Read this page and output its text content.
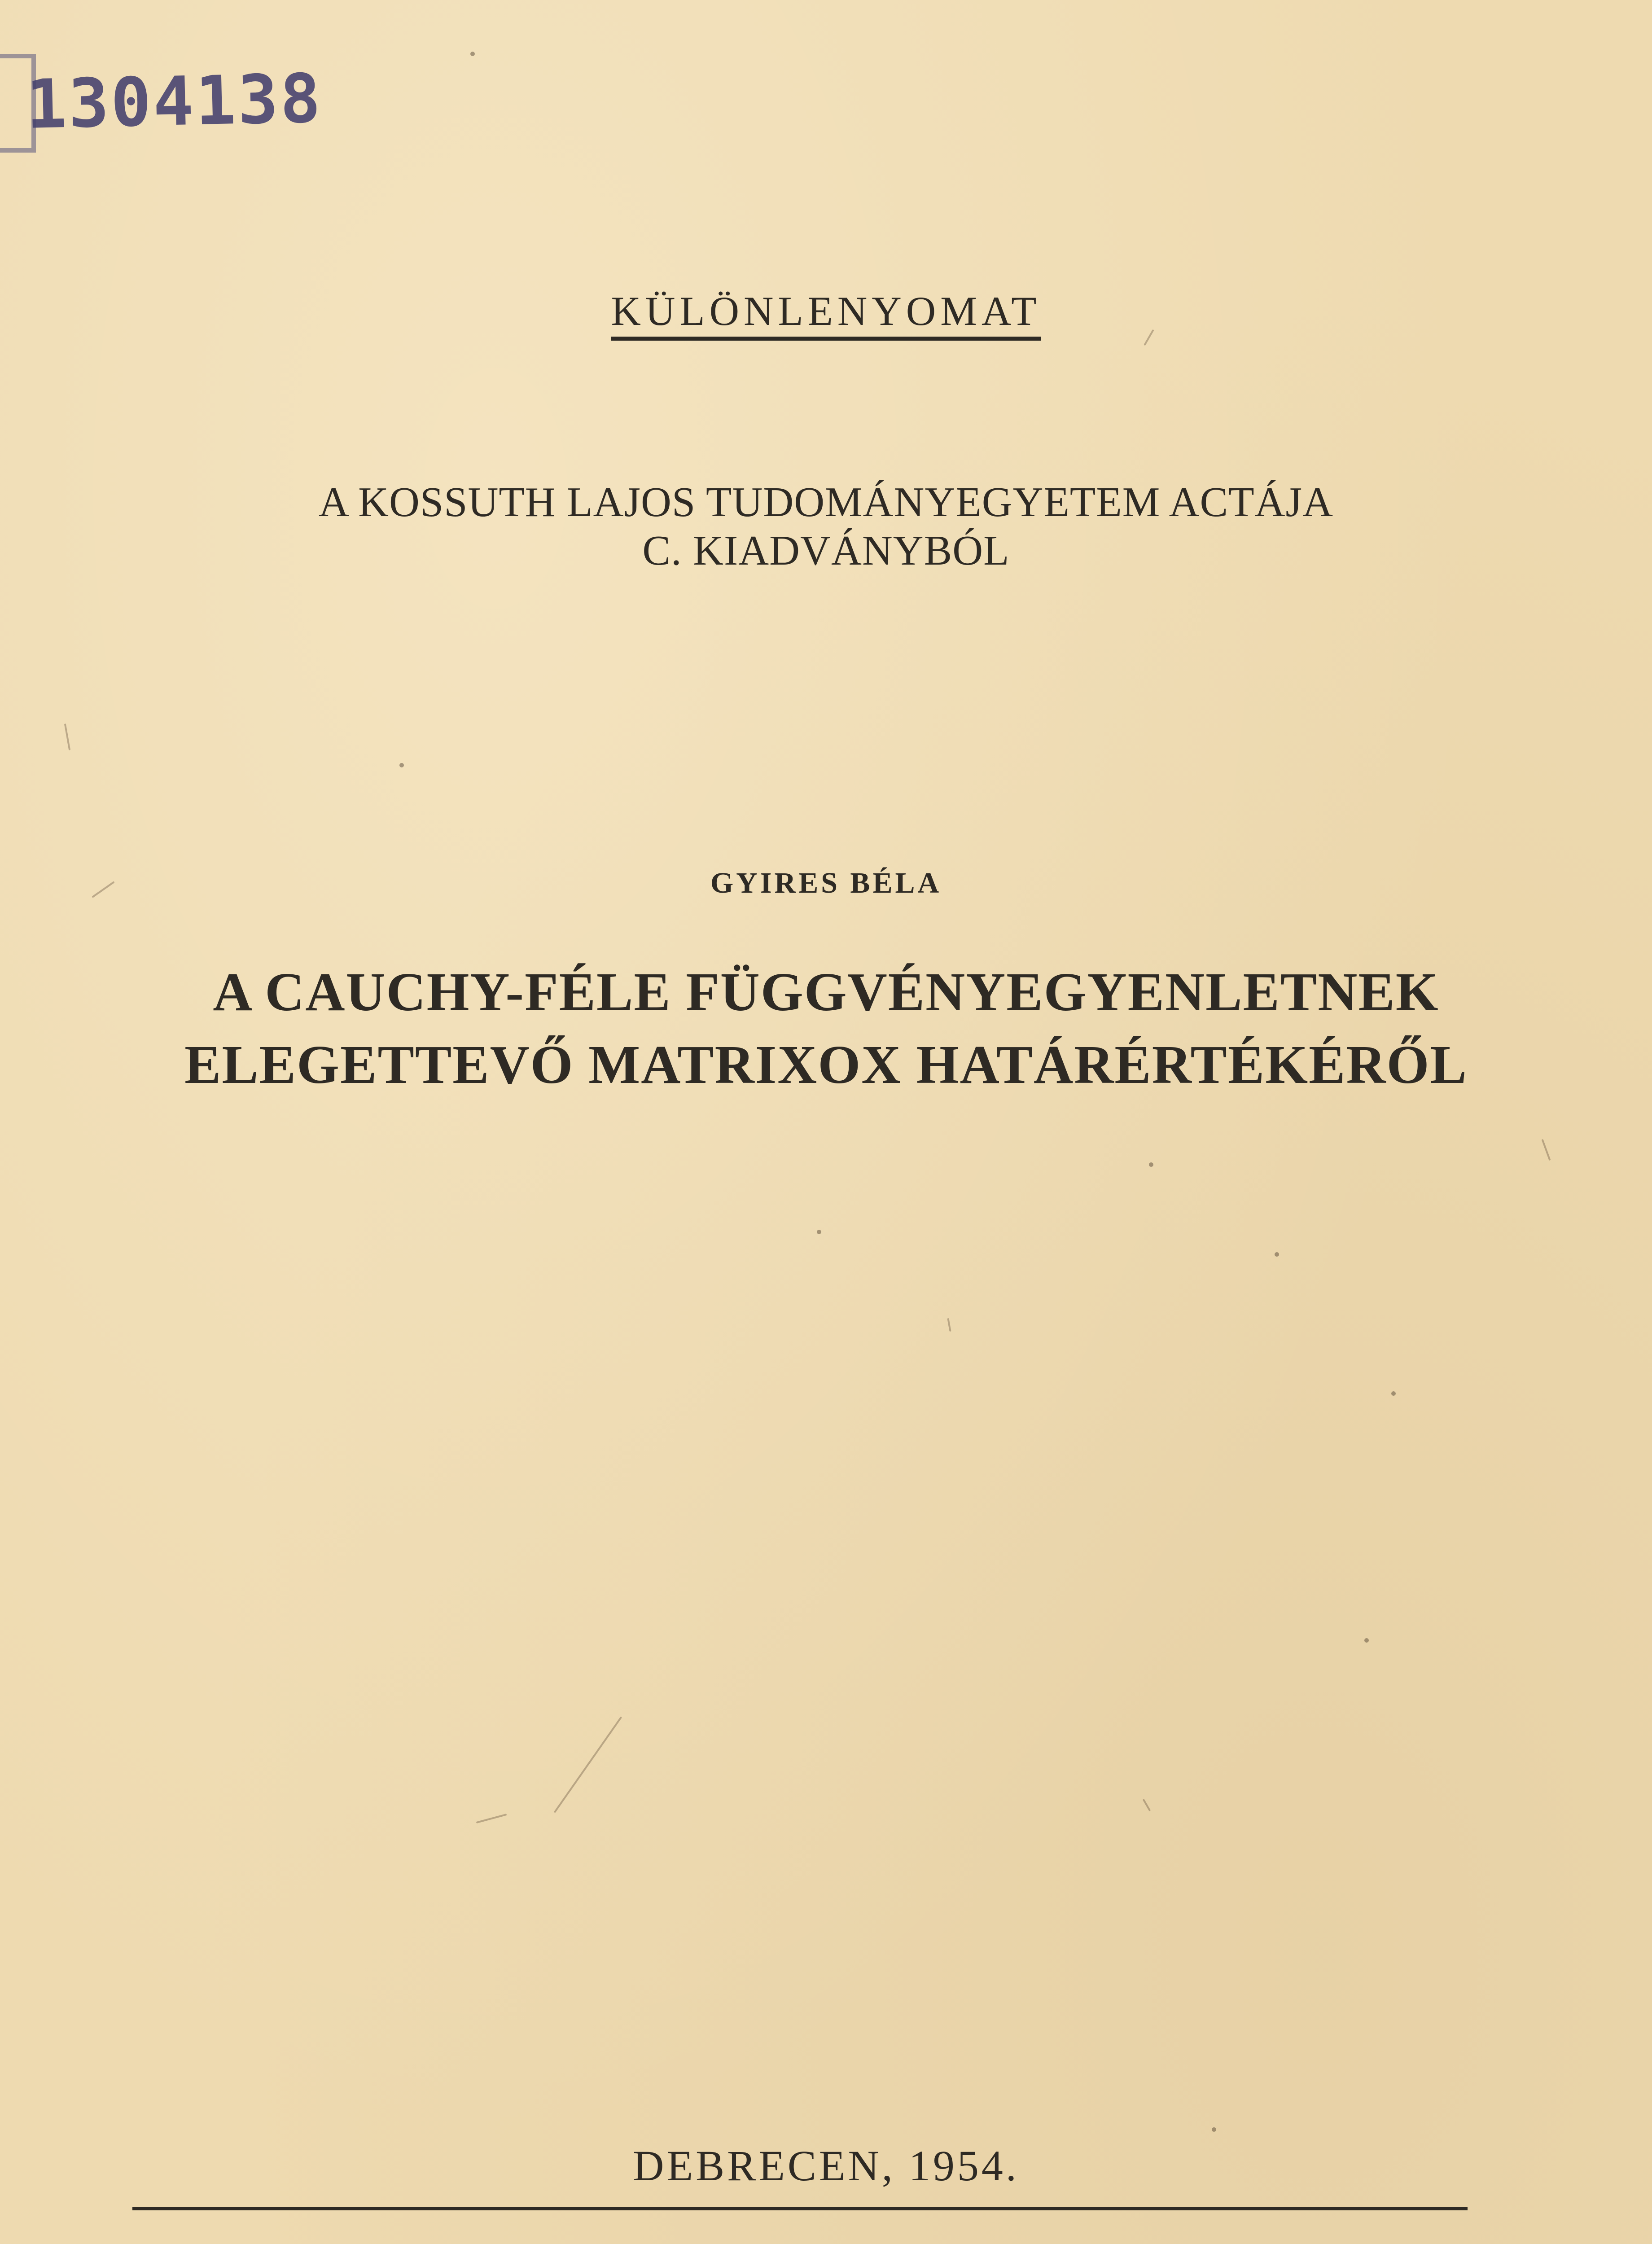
1304138
KÜLÖNLENYOMAT
A KOSSUTH LAJOS TUDOMÁNYEGYETEM ACTÁJA
C. KIADVÁNYBÓL
GYIRES BÉLA
A CAUCHY-FÉLE FÜGGVÉNYEGYENLETNEK
ELEGETTEVŐ MATRIXOX HATÁRÉRTÉKÉRŐL
DEBRECEN, 1954.
